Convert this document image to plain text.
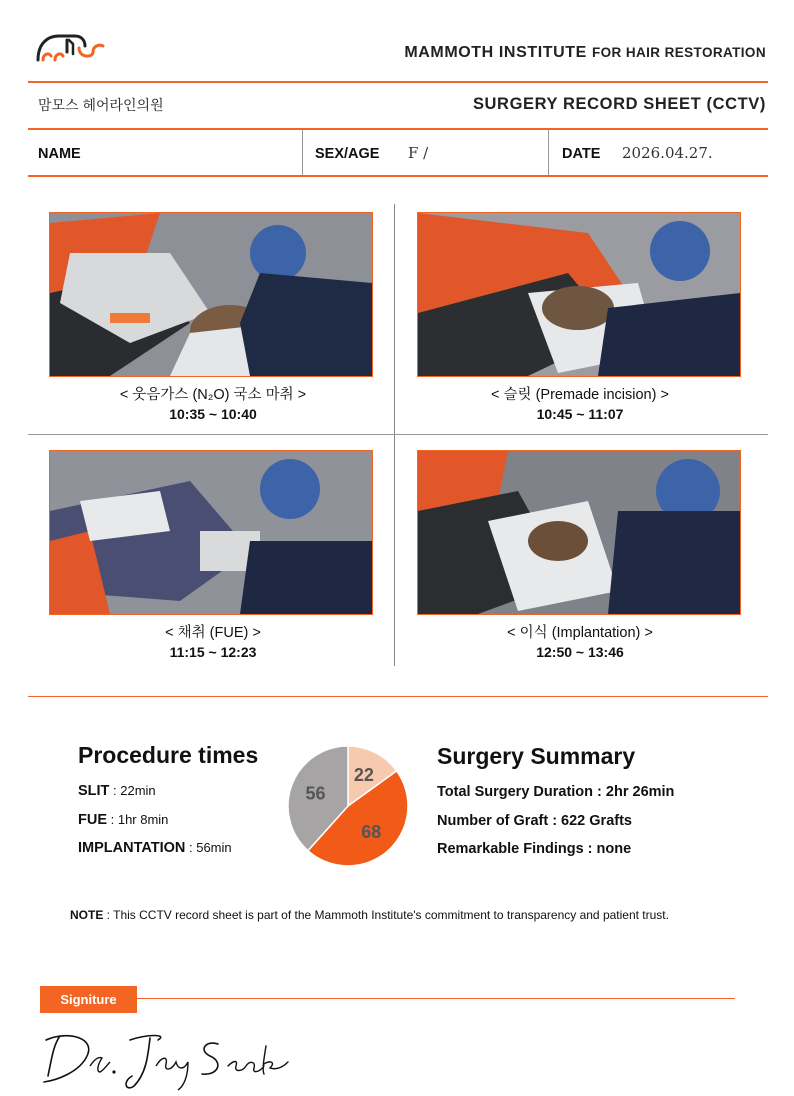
MAMMOTH INSTITUTE FOR HAIR RESTORATION
맘모스 헤어라인의원	SURGERY RECORD SHEET (CCTV)
NAME	SEX/AGE F /	DATE 2026.04.27.
< 웃음가스 (N₂O) 국소 마취 >
10:35 ~ 10:40
< 슬릿 (Premade incision) >
10:45 ~ 11:07
< 채취 (FUE) >
11:15 ~ 12:23
< 이식 (Implantation) >
12:50 ~ 13:46
Procedure times
SLIT : 22min
FUE : 1hr 8min
IMPLANTATION : 56min
22
68
56
Surgery Summary
Total Surgery Duration : 2hr 26min
Number of Graft : 622 Grafts
Remarkable Findings : none
NOTE : This CCTV record sheet is part of the Mammoth Institute's commitment to transparency and patient trust.
Signiture
